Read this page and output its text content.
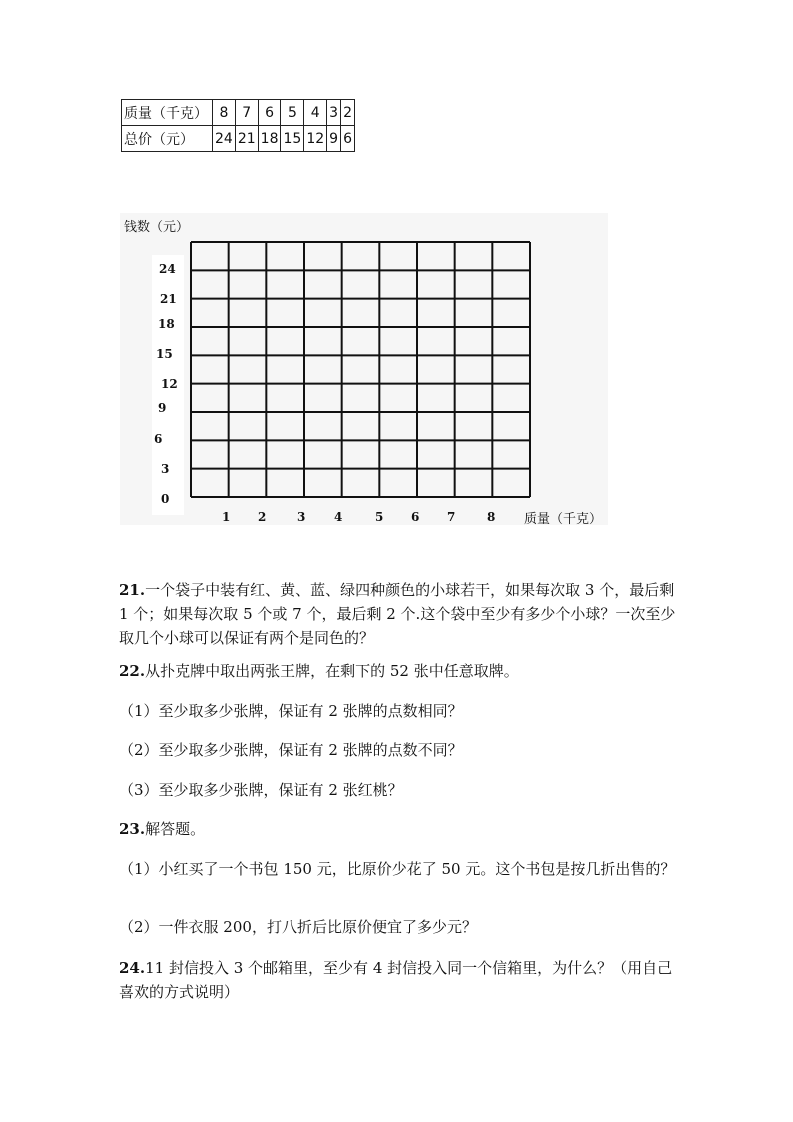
质量（千克）	8	7	6	5	4	3	2
总价（元）	24	21	18	15	12	9	6
钱数（元）
24
21
18
15
12
9
6
3
0
1 2	3 4	5 6 7	8 质量（千克）

21.一个袋子中装有红、黄、蓝、绿四种颜色的小球若干，如果每次取 3 个，最后剩 1 个；如果每次取 5 个或 7 个，最后剩 2 个.这个袋中至少有多少个小球？一次至少取几个小球可以保证有两个是同色的？

22.从扑克牌中取出两张王牌，在剩下的 52 张中任意取牌。

（1）至少取多少张牌，保证有 2 张牌的点数相同？

（2）至少取多少张牌，保证有 2 张牌的点数不同？

（3）至少取多少张牌，保证有 2 张红桃？

23.解答题。

（1）小红买了一个书包 150 元，比原价少花了 50 元。这个书包是按几折出售的？

（2）一件衣服 200，打八折后比原价便宜了多少元？

24.11 封信投入 3 个邮箱里，至少有 4 封信投入同一个信箱里，为什么？（用自己喜欢的方式说明）
